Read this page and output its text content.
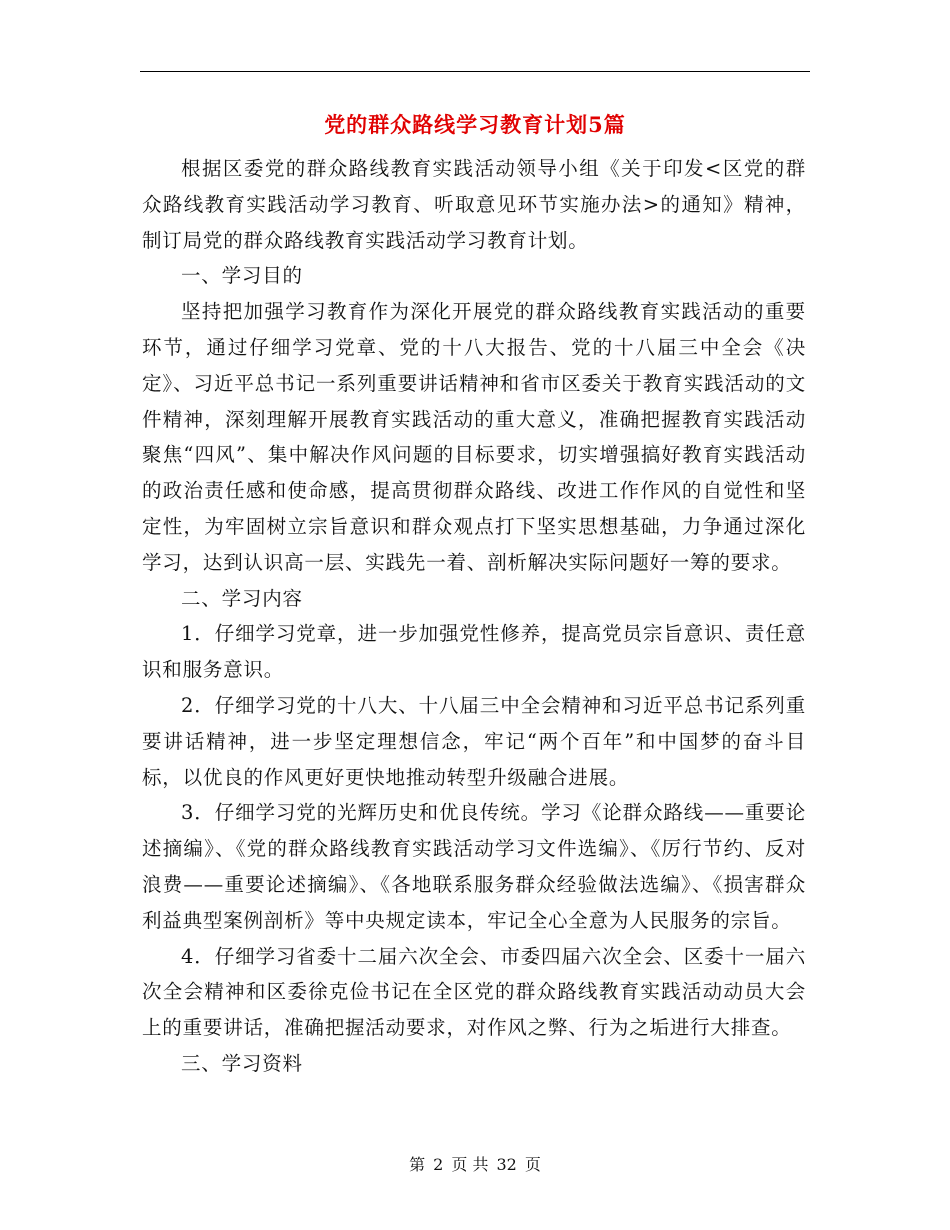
党的群众路线学习教育计划5篇

根据区委党的群众路线教育实践活动领导小组《关于印发<区党的群众路线教育实践活动学习教育、听取意见环节实施办法>的通知》精神，制订局党的群众路线教育实践活动学习教育计划。

一、学习目的

坚持把加强学习教育作为深化开展党的群众路线教育实践活动的重要环节，通过仔细学习党章、党的十八大报告、党的十八届三中全会《决定》、习近平总书记一系列重要讲话精神和省市区委关于教育实践活动的文件精神，深刻理解开展教育实践活动的重大意义，准确把握教育实践活动聚焦“四风”、集中解决作风问题的目标要求，切实增强搞好教育实践活动的政治责任感和使命感，提高贯彻群众路线、改进工作作风的自觉性和坚定性，为牢固树立宗旨意识和群众观点打下坚实思想基础，力争通过深化学习，达到认识高一层、实践先一着、剖析解决实际问题好一筹的要求。

二、学习内容

1．仔细学习党章，进一步加强党性修养，提高党员宗旨意识、责任意识和服务意识。

2．仔细学习党的十八大、十八届三中全会精神和习近平总书记系列重要讲话精神，进一步坚定理想信念，牢记“两个百年”和中国梦的奋斗目标，以优良的作风更好更快地推动转型升级融合进展。

3．仔细学习党的光辉历史和优良传统。学习《论群众路线——重要论述摘编》、《党的群众路线教育实践活动学习文件选编》、《厉行节约、反对浪费——重要论述摘编》、《各地联系服务群众经验做法选编》、《损害群众利益典型案例剖析》等中央规定读本，牢记全心全意为人民服务的宗旨。

4．仔细学习省委十二届六次全会、市委四届六次全会、区委十一届六次全会精神和区委徐克俭书记在全区党的群众路线教育实践活动动员大会上的重要讲话，准确把握活动要求，对作风之弊、行为之垢进行大排查。

三、学习资料

第 2 页 共 32 页
